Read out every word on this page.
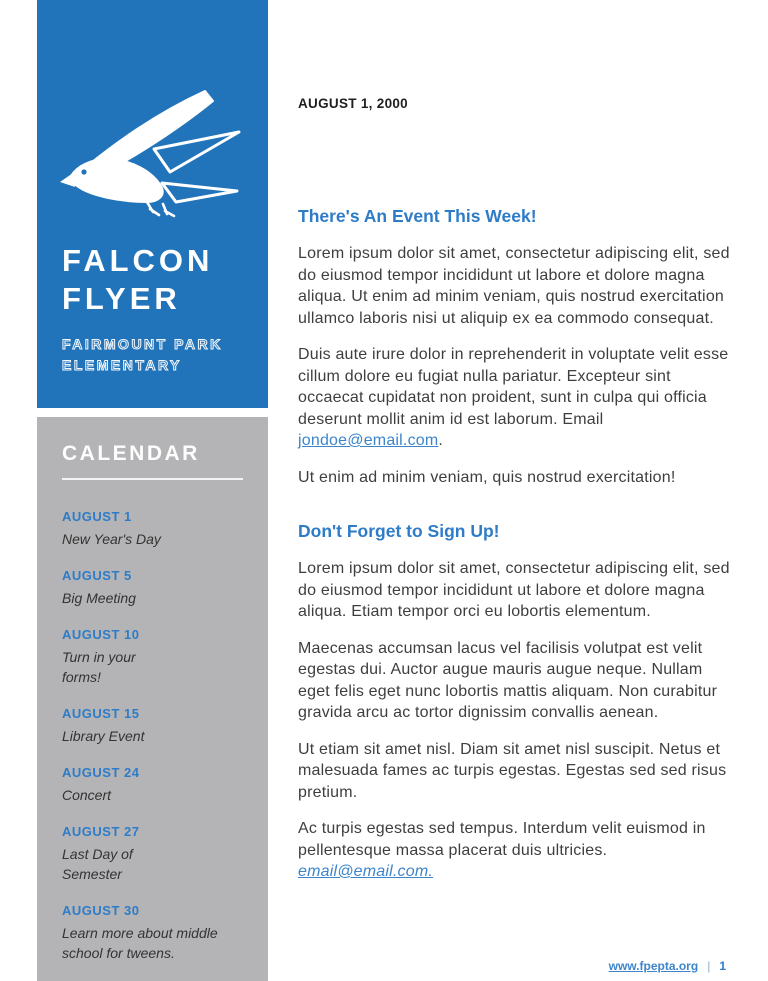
FALCON
FLYER
FAIRMOUNT PARK
ELEMENTARY
CALENDAR
AUGUST 1
New Year's Day
AUGUST 5
Big Meeting
AUGUST 10
Turn in your
forms!
AUGUST 15
Library Event
AUGUST 24
Concert
AUGUST 27
Last Day of
Semester
AUGUST 30
Learn more about middle
school for tweens.
AUGUST 1, 2000
There's An Event This Week!

Lorem ipsum dolor sit amet, consectetur adipiscing elit, sed do eiusmod tempor incididunt ut labore et dolore magna aliqua. Ut enim ad minim veniam, quis nostrud exercitation ullamco laboris nisi ut aliquip ex ea commodo consequat.

Duis aute irure dolor in reprehenderit in voluptate velit esse cillum dolore eu fugiat nulla pariatur. Excepteur sint occaecat cupidatat non proident, sunt in culpa qui officia deserunt mollit anim id est laborum. Email jondoe@email.com.

Ut enim ad minim veniam, quis nostrud exercitation!

Don't Forget to Sign Up!

Lorem ipsum dolor sit amet, consectetur adipiscing elit, sed do eiusmod tempor incididunt ut labore et dolore magna aliqua. Etiam tempor orci eu lobortis elementum.

Maecenas accumsan lacus vel facilisis volutpat est velit egestas dui. Auctor augue mauris augue neque. Nullam eget felis eget nunc lobortis mattis aliquam. Non curabitur gravida arcu ac tortor dignissim convallis aenean.

Ut etiam sit amet nisl. Diam sit amet nisl suscipit. Netus et malesuada fames ac turpis egestas. Egestas sed sed risus pretium.

Ac turpis egestas sed tempus. Interdum velit euismod in pellentesque massa placerat duis ultricies. email@email.com.

www.fpepta.org | 1
